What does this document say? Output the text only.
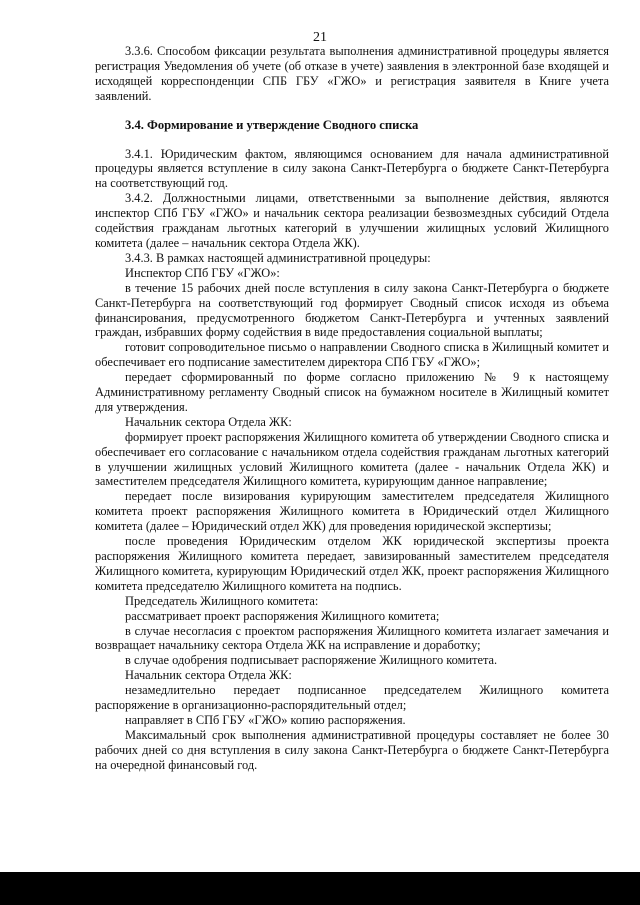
21

3.3.6. Способом фиксации результата выполнения административной процедуры является регистрация Уведомления об учете (об отказе в учете) заявления в электронной базе входящей и исходящей корреспонденции СПБ ГБУ «ГЖО» и регистрация заявителя в Книге учета заявлений.

3.4. Формирование и утверждение Сводного списка

3.4.1. Юридическим фактом, являющимся основанием для начала административной процедуры является вступление в силу закона Санкт-Петербурга о бюджете Санкт-Петербурга на соответствующий год.

3.4.2. Должностными лицами, ответственными за выполнение действия, являются инспектор СПб ГБУ «ГЖО» и начальник сектора реализации безвозмездных субсидий Отдела содействия гражданам льготных категорий в улучшении жилищных условий Жилищного комитета (далее – начальник сектора Отдела ЖК).

3.4.3. В рамках настоящей административной процедуры:

Инспектор СПб ГБУ «ГЖО»:

в течение 15 рабочих дней после вступления в силу закона Санкт-Петербурга о бюджете Санкт-Петербурга на соответствующий год формирует Сводный список исходя из объема финансирования, предусмотренного бюджетом Санкт-Петербурга и учтенных заявлений граждан, избравших форму содействия в виде предоставления социальной выплаты;

готовит сопроводительное письмо о направлении Сводного списка в Жилищный комитет и обеспечивает его подписание заместителем директора СПб ГБУ «ГЖО»;

передает сформированный по форме согласно приложению № 9 к настоящему Административному регламенту Сводный список на бумажном носителе в Жилищный комитет для утверждения.

Начальник сектора Отдела ЖК:

формирует проект распоряжения Жилищного комитета об утверждении Сводного списка и обеспечивает его согласование с начальником отдела содействия гражданам льготных категорий в улучшении жилищных условий Жилищного комитета (далее - начальник Отдела ЖК) и заместителем председателя Жилищного комитета, курирующим данное направление;

передает после визирования курирующим заместителем председателя Жилищного комитета проект распоряжения Жилищного комитета в Юридический отдел Жилищного комитета (далее – Юридический отдел ЖК) для проведения юридической экспертизы;

после проведения Юридическим отделом ЖК юридической экспертизы проекта распоряжения Жилищного комитета передает, завизированный заместителем председателя Жилищного комитета, курирующим Юридический отдел ЖК, проект распоряжения Жилищного комитета председателю Жилищного комитета на подпись.

Председатель Жилищного комитета:

рассматривает проект распоряжения Жилищного комитета;

в случае несогласия с проектом распоряжения Жилищного комитета излагает замечания и возвращает начальнику сектора Отдела ЖК на исправление и доработку;

в случае одобрения подписывает распоряжение Жилищного комитета.

Начальник сектора Отдела ЖК:

незамедлительно передает подписанное председателем Жилищного комитета распоряжение в организационно-распорядительный отдел;

направляет в СПб ГБУ «ГЖО» копию распоряжения.

Максимальный срок выполнения административной процедуры составляет не более 30 рабочих дней со дня вступления в силу закона Санкт-Петербурга о бюджете Санкт-Петербурга на очередной финансовый год.
